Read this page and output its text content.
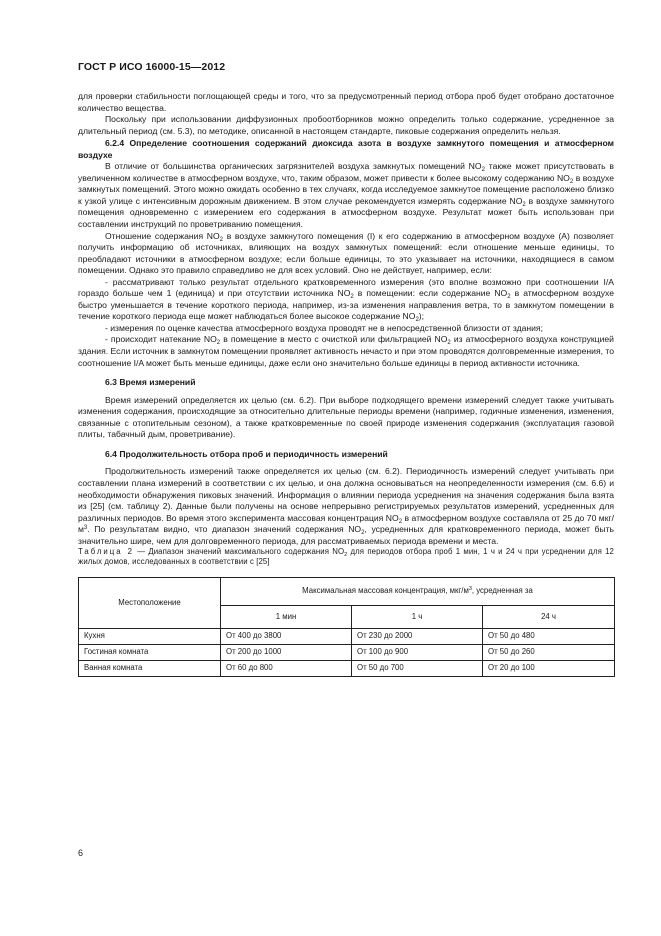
ГОСТ Р ИСО 16000-15—2012

для проверки стабильности поглощающей среды и того, что за предусмотренный период отбора проб будет отобрано достаточное количество вещества.

Поскольку при использовании диффузионных пробоотборников можно определить только содержание, усредненное за длительный период (см. 5.3), по методике, описанной в настоящем стандарте, пиковые содержания определить нельзя.

6.2.4 Определение соотношения содержаний диоксида азота в воздухе замкнутого помещения и атмосферном воздухе

В отличие от большинства органических загрязнителей воздуха замкнутых помещений $NO_2$ также может присутствовать в увеличенном количестве в атмосферном воздухе, что, таким образом, может привести к более высокому содержанию $NO_2$ в воздухе замкнутых помещений. Этого можно ожидать особенно в тех случаях, когда исследуемое замкнутое помещение расположено близко к узкой улице с интенсивным дорожным движением. В этом случае рекомендуется измерять содержание $NO_2$ в воздухе замкнутого помещения одновременно с измерением его содержания в атмосферном воздухе. Результат может быть использован при составлении инструкций по проветриванию помещения.

Отношение содержания $NO_2$ в воздухе замкнутого помещения (I) к его содержанию в атмосферном воздухе (A) позволяет получить информацию об источниках, влияющих на воздух замкнутых помещений: если отношение меньше единицы, то преобладают источники в атмосферном воздухе; если больше единицы, то это указывает на источники, находящиеся в самом помещении. Однако это правило справедливо не для всех условий. Оно не действует, например, если:

- рассматривают только результат отдельного кратковременного измерения (это вполне возможно при соотношении I/A гораздо больше чем 1 (единица) и при отсутствии источника $NO_2$ в помещении: если содержание $NO_2$ в атмосферном воздухе быстро уменьшается в течение короткого периода, например, из-за изменения направления ветра, то в замкнутом помещении в течение короткого периода еще может наблюдаться более высокое содержание $NO_2$);

- измерения по оценке качества атмосферного воздуха проводят не в непосредственной близости от здания;

- происходит натекание $NO_2$ в помещение в место с очисткой или фильтрацией $NO_2$ из атмосферного воздуха конструкцией здания. Если источник в замкнутом помещении проявляет активность нечасто и при этом проводятся долговременные измерения, то соотношение I/A может быть меньше единицы, даже если оно значительно больше единицы в период активности источника.

6.3 Время измерений

Время измерений определяется их целью (см. 6.2). При выборе подходящего времени измерений следует также учитывать изменения содержания, происходящие за относительно длительные периоды времени (например, годичные изменения, изменения, связанные с отопительным сезоном), а также кратковременные по своей природе изменения содержания (эксплуатация газовой плиты, табачный дым, проветривание).

6.4 Продолжительность отбора проб и периодичность измерений

Продолжительность измерений также определяется их целью (см. 6.2). Периодичность измерений следует учитывать при составлении плана измерений в соответствии с их целью, и она должна основываться на неопределенности измерения (см. 6.6) и необходимости обнаружения пиковых значений. Информация о влиянии периода усреднения на значения содержания была взята из [25] (см. таблицу 2). Данные были получены на основе непрерывно регистрируемых результатов измерений, усредненных для различных периодов. Во время этого эксперимента массовая концентрация $NO_2$ в атмосферном воздухе составляла от 25 до 70 мкг/$м^3$. По результатам видно, что диапазон значений содержания $NO_2$, усредненных для кратковременного периода, может быть значительно шире, чем для долговременного периода, для рассматриваемых периода времени и места.

Таблица 2 — Диапазон значений максимального содержания $NO_2$ для периодов отбора проб 1 мин, 1 ч и 24 ч при усреднении для 12 жилых домов, исследованных в соответствии с [25]

Местоположение	Максимальная массовая концентрация, мкг/$м^3$, усредненная за		
	1 мин	1 ч	24 ч
Кухня	От 400 до 3800	От 230 до 2000	От 50 до 480
Гостиная комната	От 200 до 1000	От 100 до 900	От 50 до 260
Ванная комната	От 60 до 800	От 50 до 700	От 20 до 100
6
